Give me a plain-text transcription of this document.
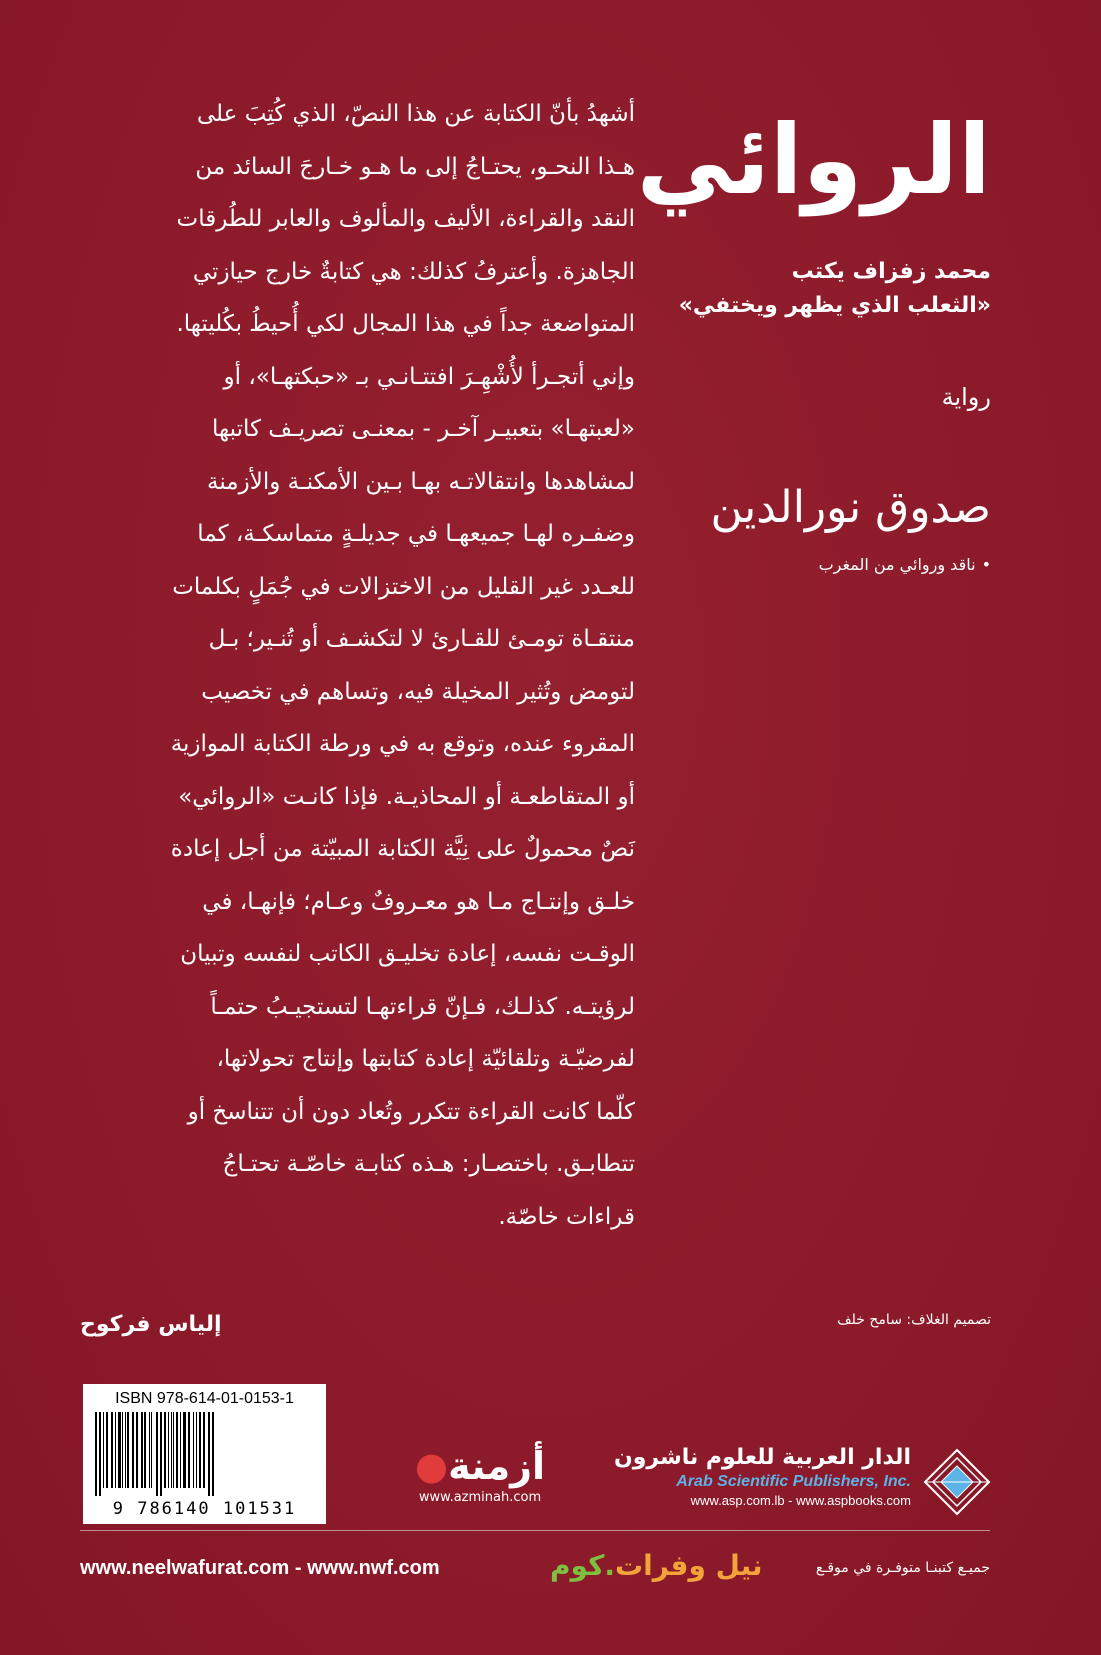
الروائي
محمد زفزاف يكتب
«الثعلب الذي يظهر ويختفي»
رواية
صدوق نورالدين
•ناقد وروائي من المغرب
تصميم الغلاف: سامح خلف
أشهدُ بأنّ الكتابة عن هذا النصّ، الذي كُتِبَ على
هـذا النحـو، يحتـاجُ إلى ما هـو خـارجَ السائد من
النقد والقراءة، الأليف والمألوف والعابر للطُرقات
الجاهزة. وأعترفُ كذلك: هي كتابةٌ خارج حيازتي
المتواضعة جداً في هذا المجال لكي أُحيطُ بكُليتها.
وإني أتجـرأ لأُشْهِـرَ افتتـانـي بـ «حبكتهـا»، أو
«لعبتهـا» بتعبيـر آخـر - بمعنـى تصريـف كاتبها
لمشاهدها وانتقالاتـه بهـا بـين الأمكنـة والأزمنة
وضفـره لهـا جميعهـا في جديلـةٍ متماسكـة، كما
للعـدد غير القليل من الاختزالات في جُمَلٍ بكلمات
منتقـاة تومـئ للقـارئ لا لتكشـف أو تُنـير؛ بـل
لتومض وتُثير المخيلة فيه، وتساهم في تخصيب
المقروء عنده، وتوقع به في ورطة الكتابة الموازية
أو المتقاطعـة أو المحاذيـة. فإذا كانـت «الروائي»
نَصٌ محمولٌ على نِيَّة الكتابة المبيّتة من أجل إعادة
خلـق وإنتـاج مـا هو معـروفٌ وعـام؛ فإنهـا، في
الوقـت نفسه، إعادة تخليـق الكاتب لنفسه وتبيان
لرؤيتـه. كذلـك، فـإنّ قراءتهـا لتستجيـبُ حتمـاً
لفرضيّـة وتلقائيّة إعادة كتابتها وإنتاج تحولاتها،
كلّما كانت القراءة تتكرر وتُعاد دون أن تتناسخ أو
تتطابـق. باختصـار: هـذه كتابـة خاصّـة تحتـاجُ
قراءات خاصّة.
إلياس فركوح
ISBN 978-614-01-0153-1
9 786140 101531
أزمنة●
www.azminah.com
الدار العربية للعلوم ناشرون
Arab Scientific Publishers, Inc.
www.asp.com.lb - www.aspbooks.com
www.neelwafurat.com - www.nwf.com	نيل وفرات.كوم	جميـع كتبنـا متوفـرة في موقـع
